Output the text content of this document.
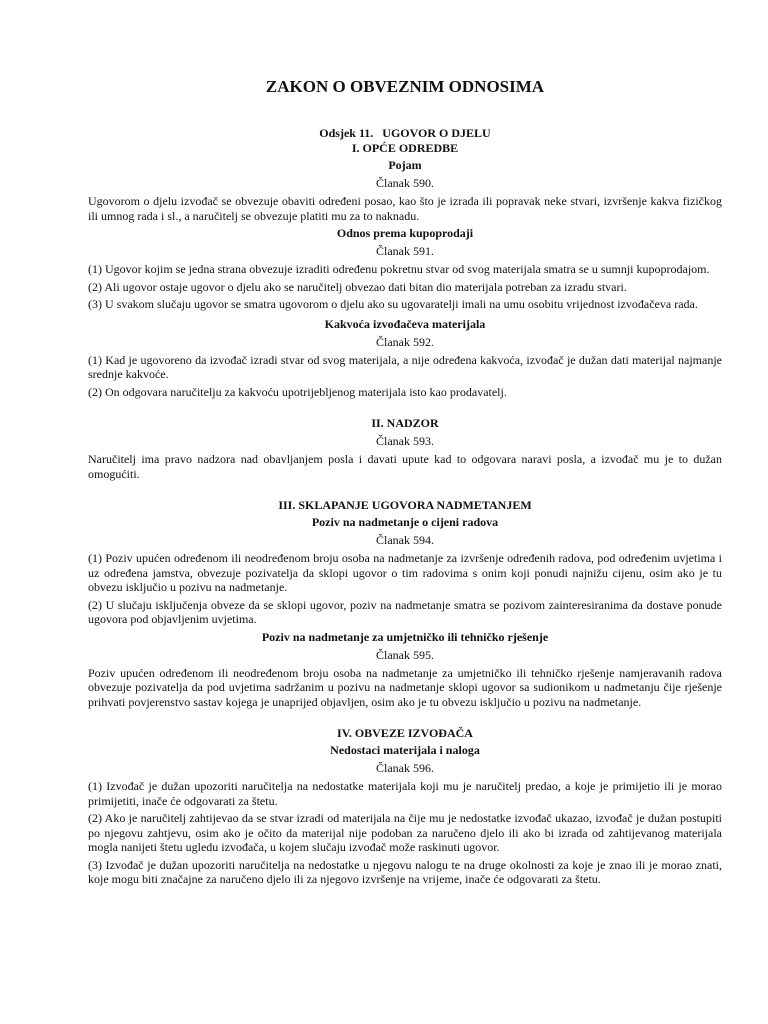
ZAKON O OBVEZNIM ODNOSIMA
Odsjek 11.   UGOVOR O DJELU
I. OPĆE ODREDBE
Pojam
Članak 590.
Ugovorom o djelu izvođač se obvezuje obaviti određeni posao, kao što je izrada ili popravak neke stvari, izvršenje kakva fizičkog ili umnog rada i sl., a naručitelj se obvezuje platiti mu za to naknadu.
Odnos prema kupoprodaji
Članak 591.
(1) Ugovor kojim se jedna strana obvezuje izraditi određenu pokretnu stvar od svog materijala smatra se u sumnji kupoprodajom.
(2) Ali ugovor ostaje ugovor o djelu ako se naručitelj obvezao dati bitan dio materijala potreban za izradu stvari.
(3) U svakom slučaju ugovor se smatra ugovorom o djelu ako su ugovaratelji imali na umu osobitu vrijednost izvođačeva rada.
Kakvoća izvođačeva materijala
Članak 592.
(1) Kad je ugovoreno da izvođač izradi stvar od svog materijala, a nije određena kakvoća, izvođač je dužan dati materijal najmanje srednje kakvoće.
(2) On odgovara naručitelju za kakvoću upotrijebljenog materijala isto kao prodavatelj.
II. NADZOR
Članak 593.
Naručitelj ima pravo nadzora nad obavljanjem posla i davati upute kad to odgovara naravi posla, a izvođač mu je to dužan omogućiti.
III. SKLAPANJE UGOVORA NADMETANJEM
Poziv na nadmetanje o cijeni radova
Članak 594.
(1) Poziv upućen određenom ili neodređenom broju osoba na nadmetanje za izvršenje određenih radova, pod određenim uvjetima i uz određena jamstva, obvezuje pozivatelja da sklopi ugovor o tim radovima s onim koji ponudi najnižu cijenu, osim ako je tu obvezu isključio u pozivu na nadmetanje.
(2) U slučaju isključenja obveze da se sklopi ugovor, poziv na nadmetanje smatra se pozivom zainteresiranima da dostave ponude ugovora pod objavljenim uvjetima.
Poziv na nadmetanje za umjetničko ili tehničko rješenje
Članak 595.
Poziv upućen određenom ili neodređenom broju osoba na nadmetanje za umjetničko ili tehničko rješenje namjeravanih radova obvezuje pozivatelja da pod uvjetima sadržanim u pozivu na nadmetanje sklopi ugovor sa sudionikom u nadmetanju čije rješenje prihvati povjerenstvo sastav kojega je unaprijed objavljen, osim ako je tu obvezu isključio u pozivu na nadmetanje.
IV. OBVEZE IZVOĐAČA
Nedostaci materijala i naloga
Članak 596.
(1) Izvođač je dužan upozoriti naručitelja na nedostatke materijala koji mu je naručitelj predao, a koje je primijetio ili je morao primijetiti, inače će odgovarati za štetu.
(2) Ako je naručitelj zahtijevao da se stvar izradi od materijala na čije mu je nedostatke izvođač ukazao, izvođač je dužan postupiti po njegovu zahtjevu, osim ako je očito da materijal nije podoban za naručeno djelo ili ako bi izrada od zahtijevanog materijala mogla nanijeti štetu ugledu izvođača, u kojem slučaju izvođač može raskinuti ugovor.
(3) Izvođač je dužan upozoriti naručitelja na nedostatke u njegovu nalogu te na druge okolnosti za koje je znao ili je morao znati, koje mogu biti značajne za naručeno djelo ili za njegovo izvršenje na vrijeme, inače će odgovarati za štetu.
